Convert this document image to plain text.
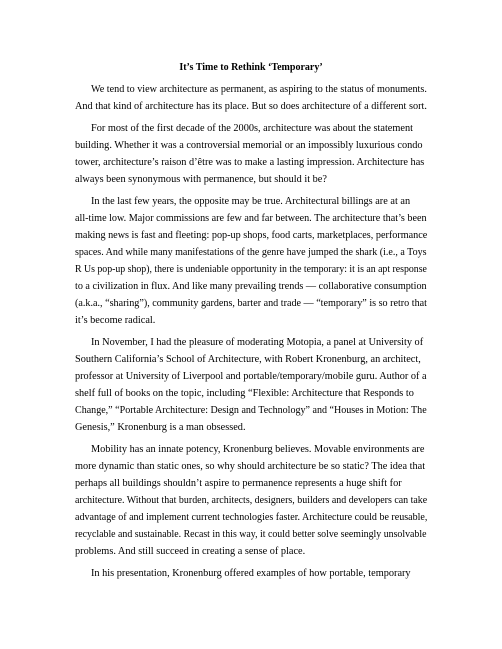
It’s Time to Rethink ‘Temporary’

We tend to view architecture as permanent, as aspiring to the status of monuments.

And that kind of architecture has its place. But so does architecture of a different sort.

For most of the first decade of the 2000s, architecture was about the statement

building. Whether it was a controversial memorial or an impossibly luxurious condo

tower, architecture’s raison d’être was to make a lasting impression. Architecture has

always been synonymous with permanence, but should it be?

In the last few years, the opposite may be true. Architectural billings are at an

all-time low. Major commissions are few and far between. The architecture that’s been

making news is fast and fleeting: pop-up shops, food carts, marketplaces, performance

spaces. And while many manifestations of the genre have jumped the shark (i.e., a Toys

R Us pop-up shop), there is undeniable opportunity in the temporary: it is an apt response

to a civilization in flux. And like many prevailing trends — collaborative consumption

(a.k.a., “sharing”), community gardens, barter and trade — “temporary” is so retro that

it’s become radical.

In November, I had the pleasure of moderating Motopia, a panel at University of

Southern California’s School of Architecture, with Robert Kronenburg, an architect,

professor at University of Liverpool and portable/temporary/mobile guru. Author of a

shelf full of books on the topic, including “Flexible: Architecture that Responds to

Change,” “Portable Architecture: Design and Technology” and “Houses in Motion: The

Genesis,” Kronenburg is a man obsessed.

Mobility has an innate potency, Kronenburg believes. Movable environments are

more dynamic than static ones, so why should architecture be so static? The idea that

perhaps all buildings shouldn’t aspire to permanence represents a huge shift for

architecture. Without that burden, architects, designers, builders and developers can take

advantage of and implement current technologies faster. Architecture could be reusable,

recyclable and sustainable. Recast in this way, it could better solve seemingly unsolvable

problems. And still succeed in creating a sense of place.

In his presentation, Kronenburg offered examples of how portable, temporary
